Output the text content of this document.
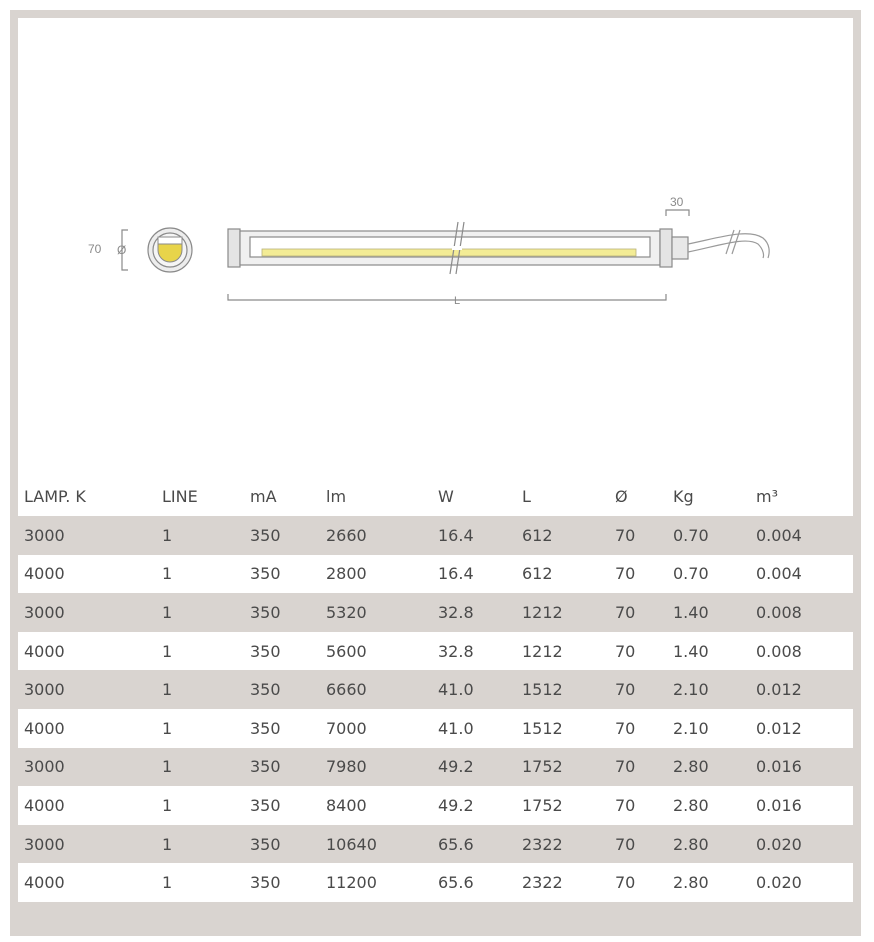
70 Ø
30
L
LAMP. K	LINE	mA	lm	W	L	Ø	Kg	m³
3000	1	350	2660	16.4	612	70	0.70	0.004
4000	1	350	2800	16.4	612	70	0.70	0.004
3000	1	350	5320	32.8	1212	70	1.40	0.008
4000	1	350	5600	32.8	1212	70	1.40	0.008
3000	1	350	6660	41.0	1512	70	2.10	0.012
4000	1	350	7000	41.0	1512	70	2.10	0.012
3000	1	350	7980	49.2	1752	70	2.80	0.016
4000	1	350	8400	49.2	1752	70	2.80	0.016
3000	1	350	10640	65.6	2322	70	2.80	0.020
4000	1	350	11200	65.6	2322	70	2.80	0.020
